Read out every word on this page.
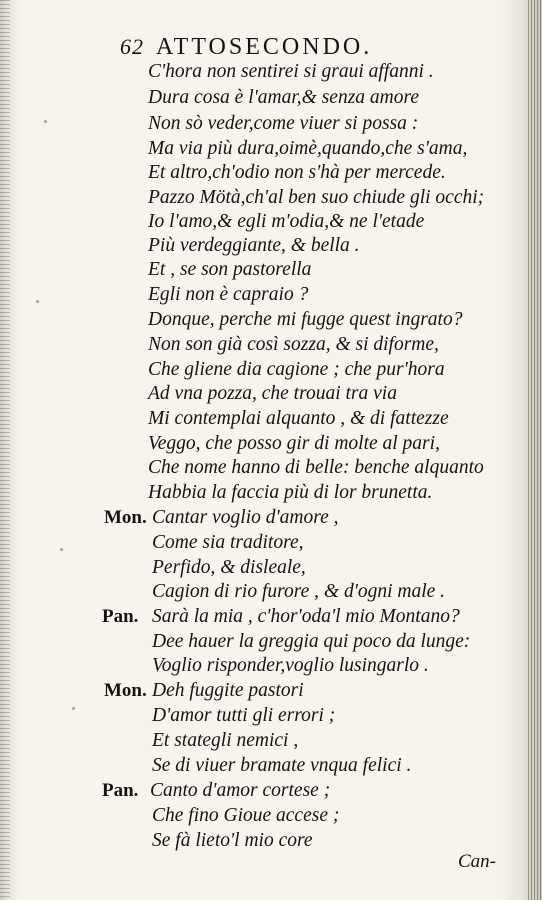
62 ATTOSECONDO.
C'hora non sentirei si graui affanni .
Dura cosa è l'amar,& senza amore
Non sò veder,come viuer si possa :
Ma via più dura,oimè,quando,che s'ama,
Et altro,ch'odio non s'hà per mercede.
Pazzo Mötà,ch'al ben suo chiude gli occhi;
Io l'amo,& egli m'odia,& ne l'etade
Più verdeggiante, & bella .
Et , se son pastorella
Egli non è capraio ?
Donque, perche mi fugge quest ingrato?
Non son già così sozza, & si diforme,
Che gliene dia cagione ; che pur'hora
Ad vna pozza, che trouai tra via
Mi contemplai alquanto , & di fattezze
Veggo, che posso gir di molte al pari,
Che nome hanno di belle: benche alquanto
Habbia la faccia più di lor brunetta.
Mon. Cantar voglio d'amore ,
Come sia traditore,
Perfido, & disleale,
Cagion di rio furore , & d'ogni male .
Pan. Sarà la mia , c'hor'oda'l mio Montano?
Dee hauer la greggia qui poco da lunge:
Voglio risponder,voglio lusingarlo .
Mon. Deh fuggite pastori
D'amor tutti gli errori ;
Et stategli nemici ,
Se di viuer bramate vnqua felici .
Pan. Canto d'amor cortese ;
Che fino Gioue accese ;
Se fà lieto'l mio core
Can-
